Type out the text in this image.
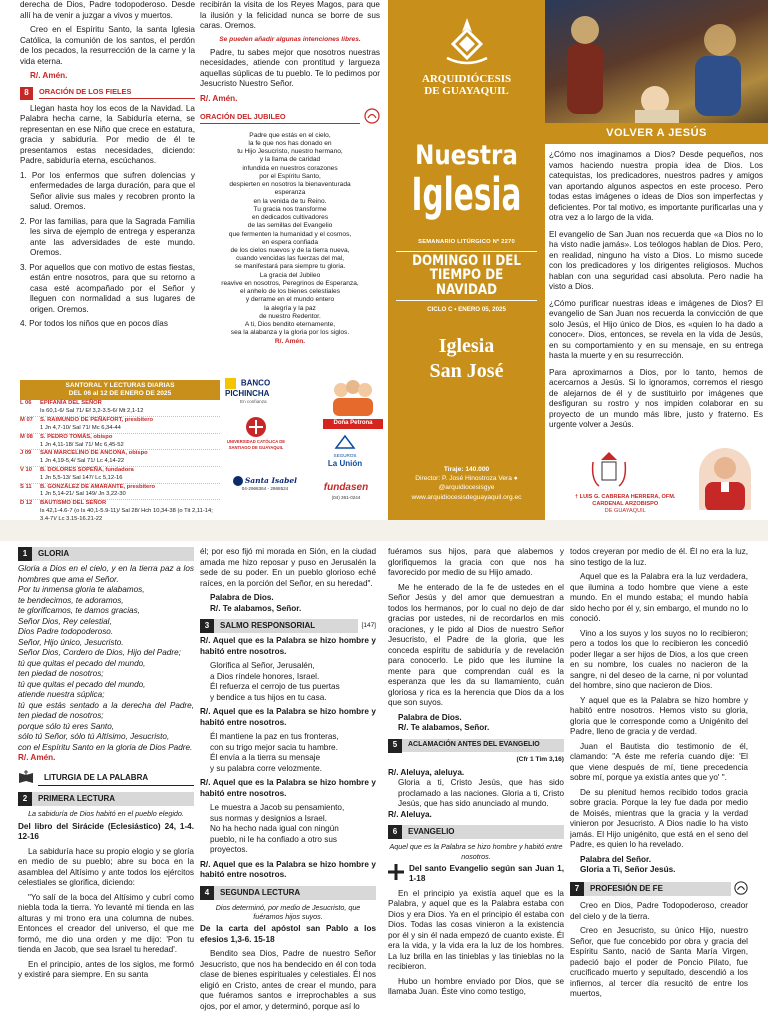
derecha de Dios, Padre todopoderoso. Desde allí ha de venir a juzgar a vivos y muertos.

Creo en el Espíritu Santo, la santa Iglesia Católica, la comunión de los santos, el perdón de los pecados, la resurrección de la carne y la vida eterna.

R/. Amén.

8	ORACIÓN DE LOS FIELES

Llegan hasta hoy los ecos de la Navidad. La Palabra hecha carne, la Sabiduría eterna, se representan en ese Niño que crece en estatura, gracia y sabiduría. Por medio de él te presentamos estas necesidades, diciendo: Padre, sabiduría eterna, escúchanos.

1. Por los enfermos que sufren dolencias y enfermedades de larga duración, para que el Señor alivie sus males y recobren pronto la salud. Oremos.

2. Por las familias, para que la Sagrada Familia les sirva de ejemplo de entrega y esperanza ante las adversidades de este mundo. Oremos.

3. Por aquellos que con motivo de estas fiestas, están entre nosotros, para que su retorno a casa esté acompañado por el Señor y lleguen con normalidad a sus lugares de origen. Oremos.

4. Por todos los niños que en pocos días

recibirán la visita de los Reyes Magos, para que la ilusión y la felicidad nunca se borre de sus caras. Oremos.

Se pueden añadir algunas intenciones libres.

Padre, tu sabes mejor que nosotros nuestras necesidades, atiende con prontitud y largueza aquellas súplicas de tu pueblo. Te lo pedimos por Jesucristo Nuestro Señor.

R/. Amén.

ORACIÓN DEL JUBILEO
Padre que estás en el cielo,
la fe que nos has donado en
tu Hijo Jesucristo, nuestro hermano,
y la llama de caridad
infundida en nuestros corazones
por el Espíritu Santo,
despierten en nosotros la bienaventurada
esperanza
en la venida de tu Reino.
Tu gracia nos transforme
en dedicados cultivadores
de las semillas del Evangelio
que fermenten la humanidad y el cosmos,
en espera confiada
de los cielos nuevos y de la tierra nueva,
cuando vencidas las fuerzas del mal,
se manifestará para siempre tu gloria.
La gracia del Jubileo
reavive en nosotros, Peregrinos de Esperanza,
el anhelo de los bienes celestiales
y derrame en el mundo entero
la alegría y la paz
de nuestro Redentor.
A ti, Dios bendito eternamente,
sea la alabanza y la gloria por los siglos.

R/. Amén.

SANTORAL Y LECTURAS DIARIAS
DEL 06 al 12 DE ENERO DE 2025
L 06	EPIFANÍA DEL SEÑOR
Is 60,1-6/ Sal 71/ Ef 3,2-3.5-6/ Mt 2,1-12
M 07	S. RAIMUNDO DE PEÑAFORT, presbítero
1 Jn 4,7-10/ Sal 71/ Mc 6,34-44
M 08	S. PEDRO TOMÁS, obispo
1 Jn 4,11-18/ Sal 71/ Mc 6,45-52
J 09	SAN MARCELINO DE ANCONA, obispo
1 Jn 4,19-5,4/ Sal 71/ Lc 4,14-22
V 10	B. DOLORES SOPEÑA, fundadora
1 Jn 5,5-13/ Sal 147/ Lc 5,12-16
S 11	B. GONZÁLEZ DE AMARANTE, presbítero
1 Jn 5,14-21/ Sal 149/ Jn 3,22-30
D 12	BAUTISMO DEL SEÑOR
Is 42,1-4.6-7 (o Is 40,1-5.9-11)/ Sal 28/ Hch 10,34-38 (o Tit 2,11-14; 3,4-7)/ Lc 3,15-16.21-22
BANCO PICHINCHA
En confianza
Doña Petrona
UNIVERSIDAD CATÓLICA DE SANTIAGO DE GUAYAQUIL
SEGUROS
La Unión
Santa Isabel
04-2968364 - 2968524	fundasen
(04) 361-0244
ARQUIDIÓCESIS
DE GUAYAQUIL
Nuestra
Iglesia
SEMANARIO LITÚRGICO Nº 2270
DOMINGO II DEL
TIEMPO DE NAVIDAD
CICLO C • ENERO 05, 2025
Iglesia
San José
Tiraje: 140.000
Director: P. José Hinostroza Vera ● @arquidiocesisgye
www.arquidiocesisdeguayaquil.org.ec
VOLVER A JESÚS

¿Cómo nos imaginamos a Dios? Desde pequeños, nos vamos haciendo nuestra propia idea de Dios. Los catequistas, los predicadores, nuestros padres y amigos van aportando algunos aspectos en este proceso. Pero todas estas imágenes o ideas de Dios son imperfectas y deficientes. Por tal motivo, es importante purificarlas una y otra vez a lo largo de la vida.

El evangelio de San Juan nos recuerda que «a Dios no lo ha visto nadie jamás». Los teólogos hablan de Dios. Pero, en realidad, ninguno ha visto a Dios. Lo mismo sucede con los predicadores y los dirigentes religiosos. Muchos hablan con una seguridad casi absoluta. Pero nadie ha visto a Dios.

¿Cómo purificar nuestras ideas e imágenes de Dios? El evangelio de San Juan nos recuerda la convicción de que solo Jesús, el Hijo único de Dios, es «quien lo ha dado a conocer». Dios, entonces, se revela en la vida de Jesús, en su comportamiento y en su mensaje, en su entrega hasta la muerte y en su resurrección.

Para aproximarnos a Dios, por lo tanto, hemos de acercarnos a Jesús. Si lo ignoramos, corremos el riesgo de alejarnos de él y de sustituirlo por imágenes que desfiguran su rostro y nos impiden colaborar en su proyecto de un mundo más libre, justo y fraterno. Es urgente volver a Jesús.

† LUIS G. CABRERA HERRERA, OFM.
CARDENAL ARZOBISPO
DE GUAYAQUIL
1	GLORIA

Gloria a Dios en el cielo, y en la tierra paz a los hombres que ama el Señor.

Por tu inmensa gloria te alabamos,

te bendecimos, te adoramos,

te glorificamos, te damos gracias,

Señor Dios, Rey celestial,

Dios Padre todopoderoso.

Señor, Hijo único, Jesucristo.

Señor Dios, Cordero de Dios, Hijo del Padre;

tú que quitas el pecado del mundo,

ten piedad de nosotros;

tú que quitas el pecado del mundo,

atiende nuestra súplica;

tú que estás sentado a la derecha del Padre, ten piedad de nosotros;

porque sólo tú eres Santo,

sólo tú Señor, sólo tú Altísimo, Jesucristo,

con el Espíritu Santo en la gloria de Dios Padre.

R/. Amén.

LITURGIA DE LA PALABRA
2	PRIMERA LECTURA

La sabiduría de Dios habitó en el pueblo elegido.

Del libro del Sirácide (Eclesiástico) 24, 1-4. 12-16

La sabiduría hace su propio elogio y se gloría en medio de su pueblo; abre su boca en la asamblea del Altísimo y ante todos los ejércitos celestiales se glorifica, diciendo:

"Yo salí de la boca del Altísimo y cubrí como niebla toda la tierra. Yo levanté mi tienda en las alturas y mi trono era una columna de nubes. Entonces el creador del universo, el que me formó, me dio una orden y me dijo: 'Pon tu tienda en Jacob, que sea Israel tu heredad'.

En el principio, antes de los siglos, me formó y existiré para siempre. En su santa

él; por eso fijó mi morada en Sión, en la ciudad amada me hizo reposar y puso en Jerusalén la sede de su poder. En un pueblo glorioso eché raíces, en la porción del Señor, en su heredad".

Palabra de Dios.

R/. Te alabamos, Señor.

3	SALMO RESPONSORIAL	[147]

R/. Aquel que es la Palabra se hizo hombre y habitó entre nosotros.

Glorifica al Señor, Jerusalén,
a Dios ríndele honores, Israel.
Él refuerza el cerrojo de tus puertas
y bendice a tus hijos en tu casa.

R/. Aquel que es la Palabra se hizo hombre y habitó entre nosotros.

Él mantiene la paz en tus fronteras,
con su trigo mejor sacia tu hambre.
Él envía a la tierra su mensaje
y su palabra corre velozmente.

R/. Aquel que es la Palabra se hizo hombre y habitó entre nosotros.

Le muestra a Jacob su pensamiento,
sus normas y designios a Israel.
No ha hecho nada igual con ningún
pueblo, ni le ha confiado a otro sus
proyectos.

R/. Aquel que es la Palabra se hizo hombre y habitó entre nosotros.

4	SEGUNDA LECTURA

Dios determinó, por medio de Jesucristo, que fuéramos hijos suyos.

De la carta del apóstol san Pablo a los efesios 1,3-6. 15-18

Bendito sea Dios, Padre de nuestro Señor Jesucristo, que nos ha bendecido en él con toda clase de bienes espirituales y celestiales. Él nos eligió en Cristo, antes de crear el mundo, para que fuéramos santos e irreprochables a sus ojos, por el amor, y determinó, porque así lo

fuéramos sus hijos, para que alabemos y glorifiquemos la gracia con que nos ha favorecido por medio de su Hijo amado.

Me he enterado de la fe de ustedes en el Señor Jesús y del amor que demuestran a todos los hermanos, por lo cual no dejo de dar gracias por ustedes, ni de recordarlos en mis oraciones, y le pido al Dios de nuestro Señor Jesucristo, el Padre de la gloria, que les conceda espíritu de sabiduría y de revelación para conocerlo. Le pido que les ilumine la mente para que comprendan cuál es la esperanza que les da su llamamiento, cuán gloriosa y rica es la herencia que Dios da a los que son suyos.

Palabra de Dios.

R/. Te alabamos, Señor.

5	ACLAMACIÓN ANTES DEL EVANGELIO

(Cfr 1 Tim 3,16)

R/. Aleluya, aleluya.

Gloria a ti, Cristo Jesús, que has sido proclamado a las naciones. Gloria a ti, Cristo Jesús, que has sido anunciado al mundo.

R/. Aleluya.

6	EVANGELIO

Aquel que es la Palabra se hizo hombre y habitó entre nosotros.

Del santo Evangelio según san Juan 1, 1-18

En el principio ya existía aquel que es la Palabra, y aquel que es la Palabra estaba con Dios y era Dios. Ya en el principio él estaba con Dios. Todas las cosas vinieron a la existencia por él y sin él nada empezó de cuanto existe. Él era la vida, y la vida era la luz de los hombres. La luz brilla en las tinieblas y las tinieblas no la recibieron.

Hubo un hombre enviado por Dios, que se llamaba Juan. Éste vino como testigo,

todos creyeran por medio de él. Él no era la luz, sino testigo de la luz.

Aquel que es la Palabra era la luz verdadera, que ilumina a todo hombre que viene a este mundo. En el mundo estaba; el mundo había sido hecho por él y, sin embargo, el mundo no lo conoció.

Vino a los suyos y los suyos no lo recibieron; pero a todos los que lo recibieron les concedió poder llegar a ser hijos de Dios, a los que creen en su nombre, los cuales no nacieron de la sangre, ni del deseo de la carne, ni por voluntad del hombre, sino que nacieron de Dios.

Y aquel que es la Palabra se hizo hombre y habitó entre nosotros. Hemos visto su gloria, gloria que le corresponde como a Unigénito del Padre, lleno de gracia y de verdad.

Juan el Bautista dio testimonio de él, clamando: "A éste me refería cuando dije: 'El que viene después de mí, tiene precedencia sobre mí, porque ya existía antes que yo' ".

De su plenitud hemos recibido todos gracia sobre gracia. Porque la ley fue dada por medio de Moisés, mientras que la gracia y la verdad vinieron por Jesucristo. A Dios nadie lo ha visto jamás. El Hijo unigénito, que está en el seno del Padre, es quien lo ha revelado.

Palabra del Señor.

Gloria a Ti, Señor Jesús.

7	PROFESIÓN DE FE

Creo en Dios, Padre Todopoderoso, creador del cielo y de la tierra.

Creo en Jesucristo, su único Hijo, nuestro Señor, que fue concebido por obra y gracia del Espíritu Santo, nació de Santa María Virgen, padeció bajo el poder de Poncio Pilato, fue crucificado muerto y sepultado, descendió a los infiernos, al tercer día resucitó de entre los muertos,
